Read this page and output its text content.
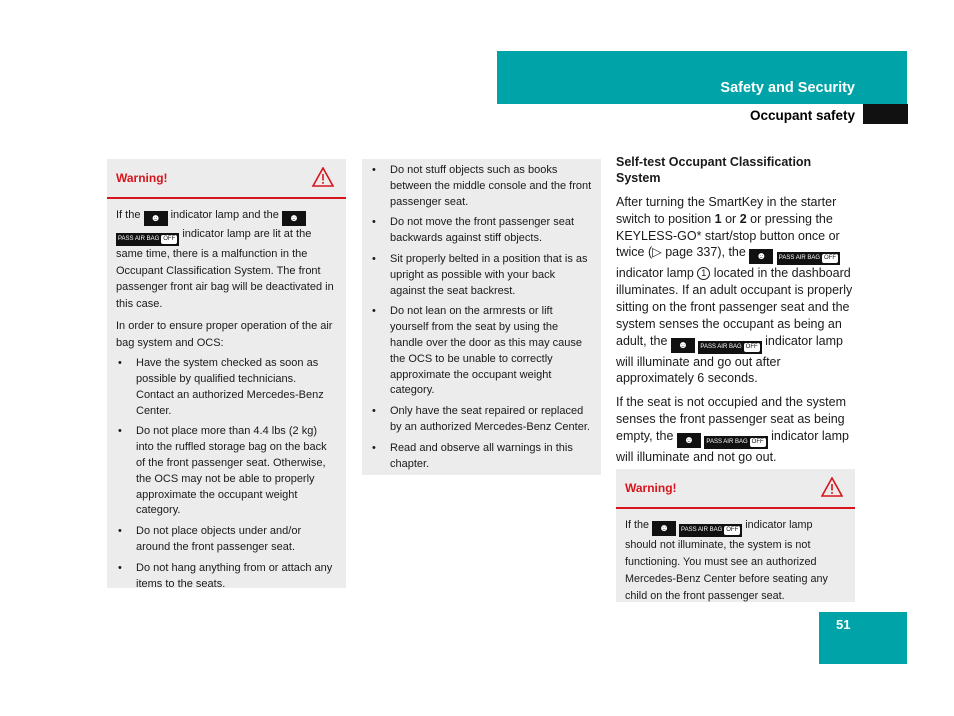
Safety and Security
Occupant safety
Warning!

If the ☻ indicator lamp and the ☻ PASS AIR BAG OFF indicator lamp are lit at the same time, there is a malfunction in the Occupant Classification System. The front passenger front air bag will be deactivated in this case.

In order to ensure proper operation of the air bag system and OCS:

• Have the system checked as soon as possible by qualified technicians. Contact an authorized Mercedes-Benz Center.
• Do not place more than 4.4 lbs (2 kg) into the ruffled storage bag on the back of the front passenger seat. Otherwise, the OCS may not be able to properly approximate the occupant weight category.
• Do not place objects under and/or around the front passenger seat.
• Do not hang anything from or attach any items to the seats.
• Do not stuff objects such as books between the middle console and the front passenger seat.
• Do not move the front passenger seat backwards against stiff objects.
• Sit properly belted in a position that is as upright as possible with your back against the seat backrest.
• Do not lean on the armrests or lift yourself from the seat by using the handle over the door as this may cause the OCS to be unable to correctly approximate the occupant weight category.
• Only have the seat repaired or replaced by an authorized Mercedes-Benz Center.
• Read and observe all warnings in this chapter.
Self-test Occupant Classification System

After turning the SmartKey in the starter switch to position 1 or 2 or pressing the KEYLESS-GO* start/stop button once or twice (▷ page 337), the ☻ PASS AIR BAG OFF indicator lamp 1 located in the dashboard illuminates. If an adult occupant is properly sitting on the front passenger seat and the system senses the occupant as being an adult, the ☻ PASS AIR BAG OFF indicator lamp will illuminate and go out after approximately 6 seconds.

If the seat is not occupied and the system senses the front passenger seat as being empty, the ☻ PASS AIR BAG OFF indicator lamp will illuminate and not go out.

Warning!

If the ☻ PASS AIR BAG OFF indicator lamp should not illuminate, the system is not functioning. You must see an authorized Mercedes-Benz Center before seating any child on the front passenger seat.

51
